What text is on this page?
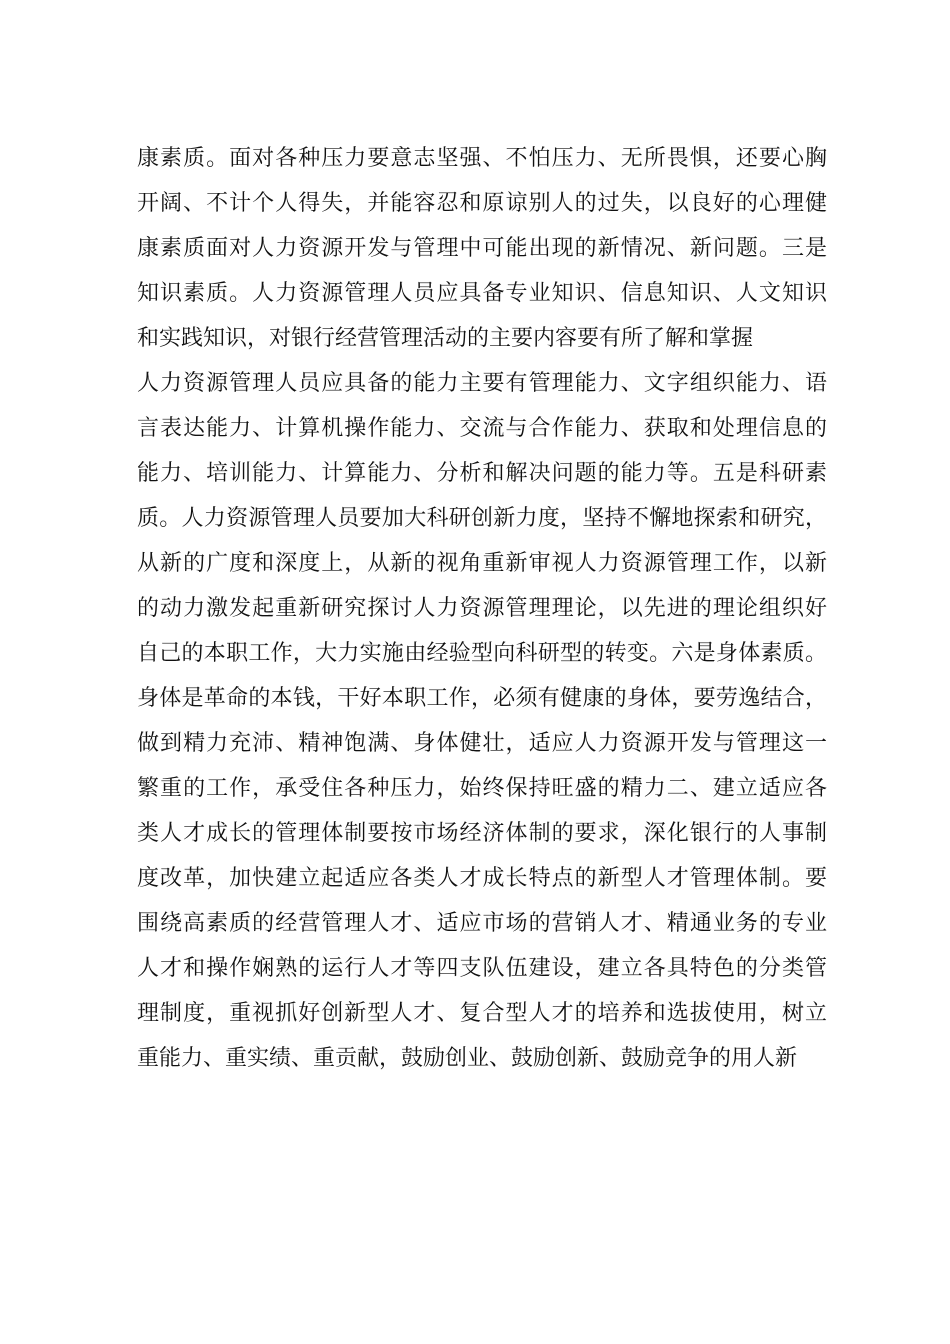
康素质。面对各种压力要意志坚强、不怕压力、无所畏惧，还要心胸
开阔、不计个人得失，并能容忍和原谅别人的过失，以良好的心理健
康素质面对人力资源开发与管理中可能出现的新情况、新问题。三是
知识素质。人力资源管理人员应具备专业知识、信息知识、人文知识
和实践知识，对银行经营管理活动的主要内容要有所了解和掌握
人力资源管理人员应具备的能力主要有管理能力、文字组织能力、语
言表达能力、计算机操作能力、交流与合作能力、获取和处理信息的
能力、培训能力、计算能力、分析和解决问题的能力等。五是科研素
质。人力资源管理人员要加大科研创新力度，坚持不懈地探索和研究，
从新的广度和深度上，从新的视角重新审视人力资源管理工作，以新
的动力激发起重新研究探讨人力资源管理理论，以先进的理论组织好
自己的本职工作，大力实施由经验型向科研型的转变。六是身体素质。
身体是革命的本钱，干好本职工作，必须有健康的身体，要劳逸结合，
做到精力充沛、精神饱满、身体健壮，适应人力资源开发与管理这一
繁重的工作，承受住各种压力，始终保持旺盛的精力二、建立适应各
类人才成长的管理体制要按市场经济体制的要求，深化银行的人事制
度改革，加快建立起适应各类人才成长特点的新型人才管理体制。要
围绕高素质的经营管理人才、适应市场的营销人才、精通业务的专业
人才和操作娴熟的运行人才等四支队伍建设，建立各具特色的分类管
理制度，重视抓好创新型人才、复合型人才的培养和选拔使用，树立
重能力、重实绩、重贡献，鼓励创业、鼓励创新、鼓励竞争的用人新
